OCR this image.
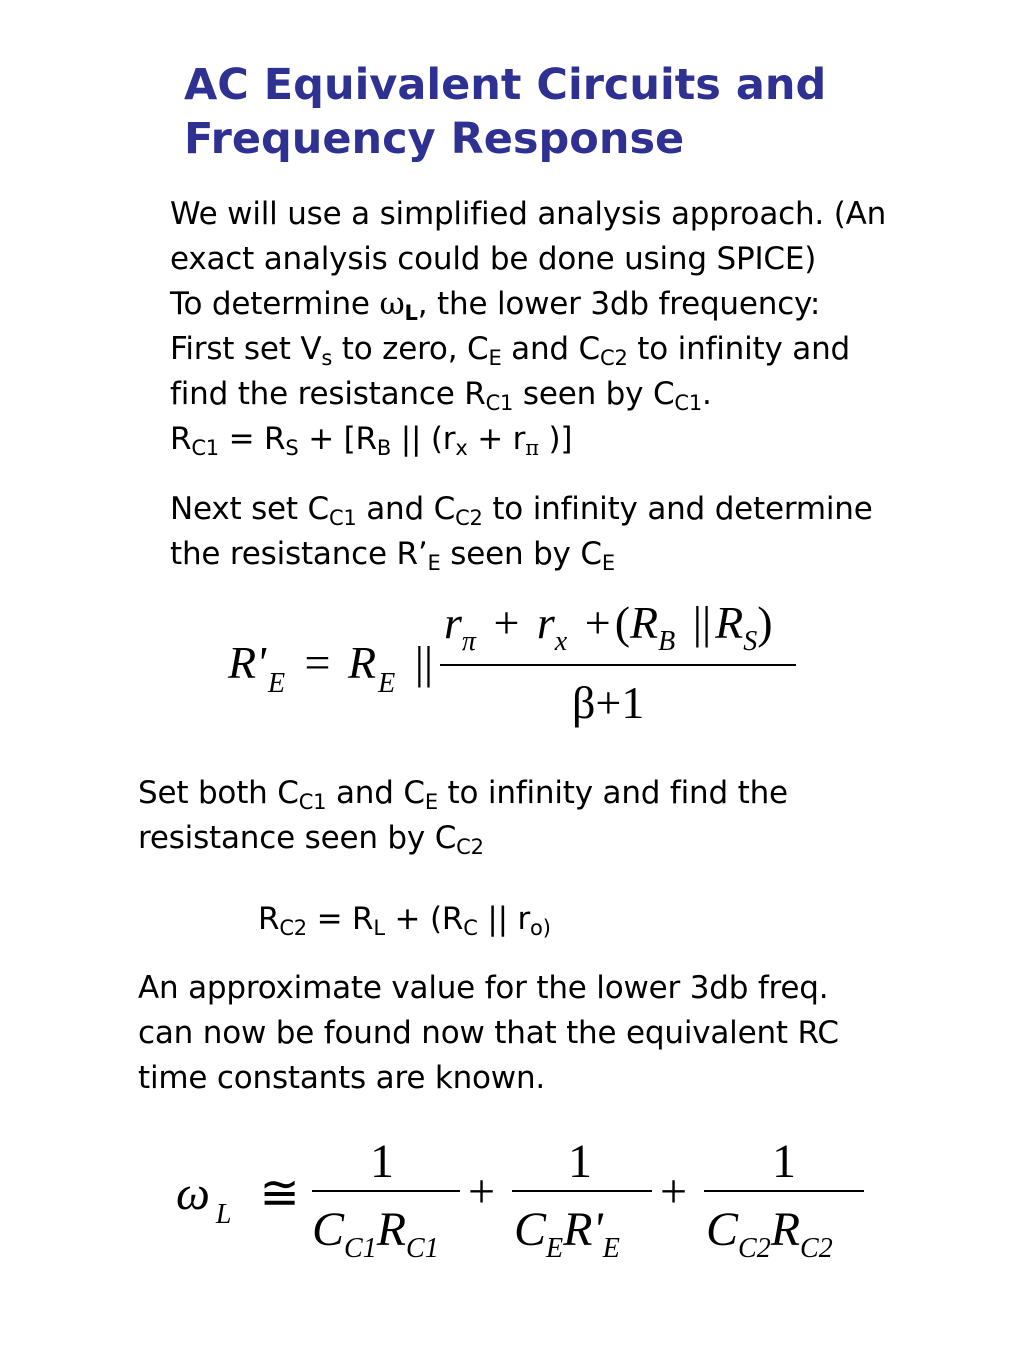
AC Equivalent Circuits and
Frequency Response
We will use a simplified analysis approach. (An
exact analysis could be done using SPICE)
To determine $\omega_L$, the lower 3db frequency:
First set $V_s$ to zero, $C_E$ and $C_{C2}$ to infinity and
find the resistance $R_{C1}$ seen by $C_{C1}$.
$R_{C1} = R_S + [R_B$ || ($r_x + r_\pi$ )]
Next set $C_{C1}$ and $C_{C2}$ to infinity and determine
the resistance $R’_E$ seen by $C_E$
$R'_E = R_E$ ||
$r_\pi + r_x +(R_B$ $||R_S$)
β+1
Set both $C_{C1}$ and $C_E$ to infinity and find the
resistance seen by $C_{C2}$
$R_{C2} = R_L + (R_C$ || $r_{o)}$
An approximate value for the lower 3db freq.
can now be found now that the equivalent RC
time constants are known.
ω $_L$ ≅
1
$C_{C1}R_{C1}$
+
1
$C_ER'_E$
+
1
$C_{C2}R_{C2}$
